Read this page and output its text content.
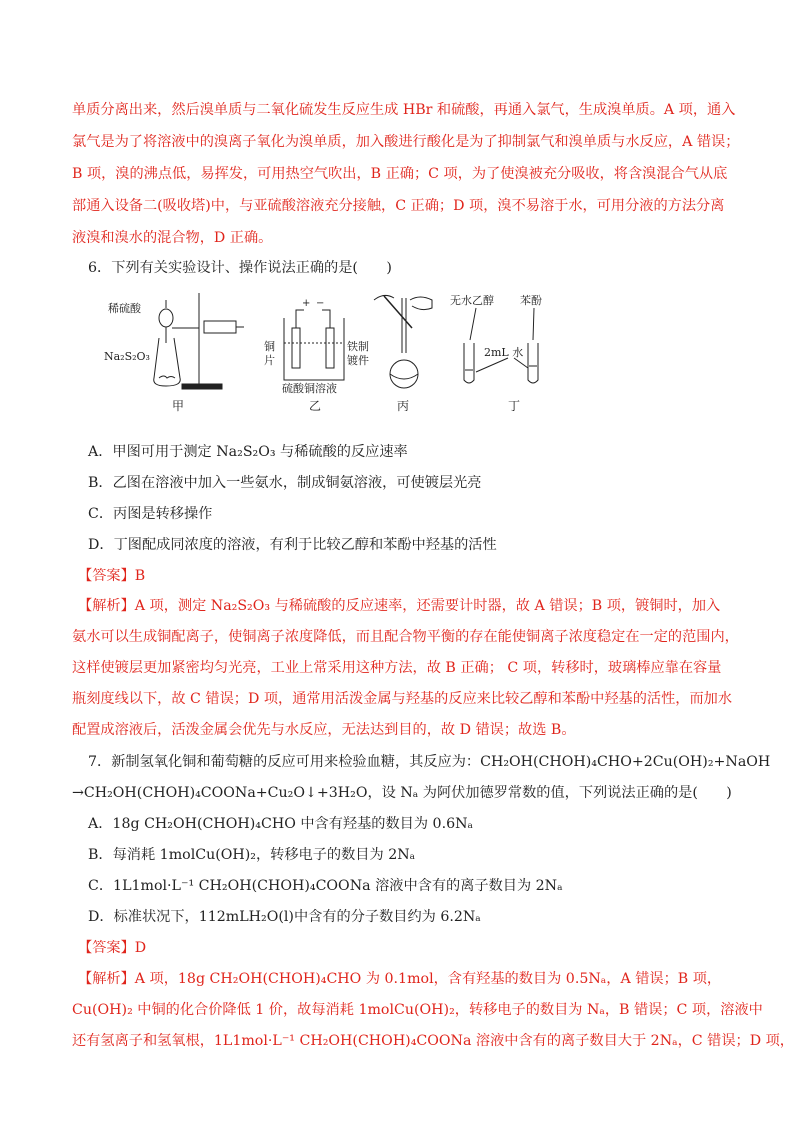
单质分离出来，然后溴单质与二氧化硫发生反应生成 HBr 和硫酸，再通入氯气，生成溴单质。A 项，通入
氯气是为了将溶液中的溴离子氧化为溴单质，加入酸进行酸化是为了抑制氯气和溴单质与水反应，A 错误；
B 项，溴的沸点低，易挥发，可用热空气吹出，B 正确；C 项，为了使溴被充分吸收，将含溴混合气从底
部通入设备二(吸收塔)中，与亚硫酸溶液充分接触，C 正确；D 项，溴不易溶于水，可用分液的方法分离
液溴和溴水的混合物，D 正确。
6．下列有关实验设计、操作说法正确的是(　　)
稀硫酸
Na₂S₂O₃
甲
+ −
铜
片
铁制
镀件
硫酸铜溶液
乙	丙
无水乙醇 苯酚
2mL 水
丁
A．甲图可用于测定 Na₂S₂O₃ 与稀硫酸的反应速率
B．乙图在溶液中加入一些氨水，制成铜氨溶液，可使镀层光亮
C．丙图是转移操作
D．丁图配成同浓度的溶液，有利于比较乙醇和苯酚中羟基的活性
【答案】B
【解析】A 项，测定 Na₂S₂O₃ 与稀硫酸的反应速率，还需要计时器，故 A 错误；B 项，镀铜时，加入
氨水可以生成铜配离子，使铜离子浓度降低，而且配合物平衡的存在能使铜离子浓度稳定在一定的范围内，
这样使镀层更加紧密均匀光亮，工业上常采用这种方法，故 B 正确； C 项，转移时，玻璃棒应靠在容量
瓶刻度线以下，故 C 错误；D 项，通常用活泼金属与羟基的反应来比较乙醇和苯酚中羟基的活性，而加水
配置成溶液后，活泼金属会优先与水反应，无法达到目的，故 D 错误；故选 B。
7．新制氢氧化铜和葡萄糖的反应可用来检验血糖，其反应为：CH₂OH(CHOH)₄CHO+2Cu(OH)₂+NaOH
→CH₂OH(CHOH)₄COONa+Cu₂O↓+3H₂O，设 Nₐ 为阿伏加德罗常数的值，下列说法正确的是(　　)
A．18g CH₂OH(CHOH)₄CHO 中含有羟基的数目为 0.6Nₐ
B．每消耗 1molCu(OH)₂，转移电子的数目为 2Nₐ
C．1L1mol·L⁻¹ CH₂OH(CHOH)₄COONa 溶液中含有的离子数目为 2Nₐ
D．标准状况下，112mLH₂O(l)中含有的分子数目约为 6.2Nₐ
【答案】D
【解析】A 项，18g CH₂OH(CHOH)₄CHO 为 0.1mol，含有羟基的数目为 0.5Nₐ，A 错误；B 项，
Cu(OH)₂ 中铜的化合价降低 1 价，故每消耗 1molCu(OH)₂，转移电子的数目为 Nₐ，B 错误；C 项，溶液中
还有氢离子和氢氧根，1L1mol·L⁻¹ CH₂OH(CHOH)₄COONa 溶液中含有的离子数目大于 2Nₐ，C 错误；D 项，
